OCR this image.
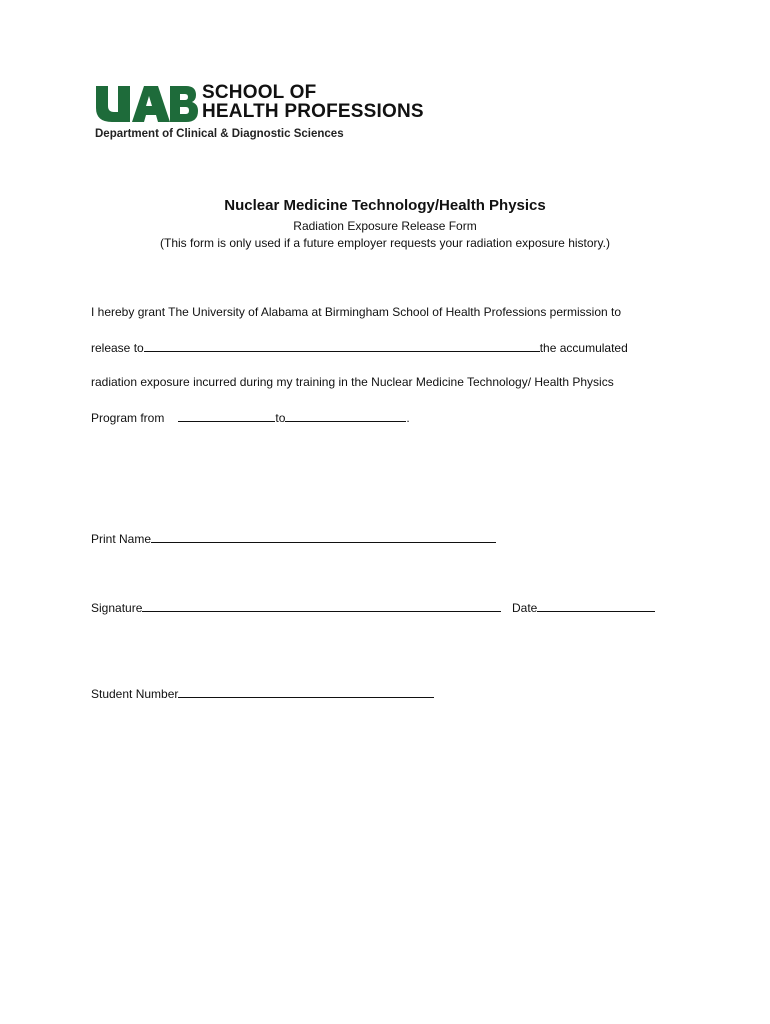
SCHOOL OF
HEALTH PROFESSIONS
Department of Clinical & Diagnostic Sciences
Nuclear Medicine Technology/Health Physics
Radiation Exposure Release Form
(This form is only used if a future employer requests your radiation exposure history.)
I hereby grant The University of Alabama at Birmingham School of Health Professions permission to
release to	the accumulated
radiation exposure incurred during my training in the Nuclear Medicine Technology/ Health Physics
Program from	to	.
Print Name
Signature	Date
Student Number
